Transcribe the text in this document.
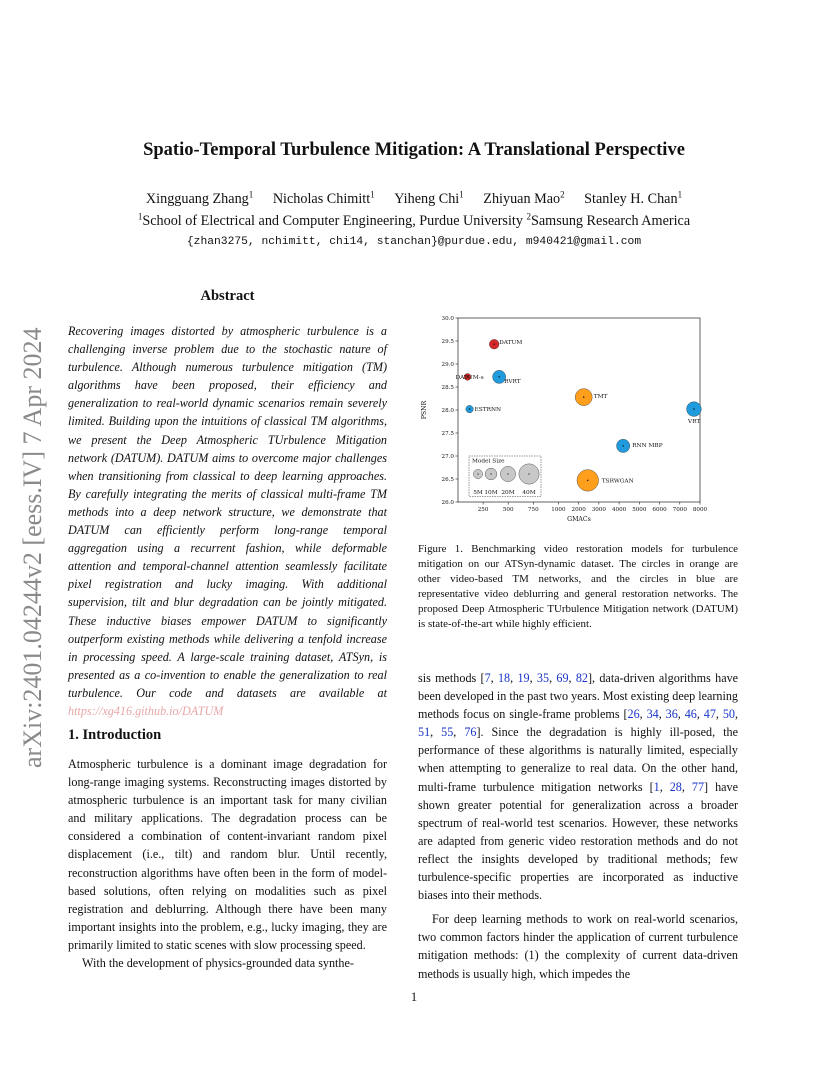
arXiv:2401.04244v2 [eess.IV] 7 Apr 2024
Spatio-Temporal Turbulence Mitigation: A Translational Perspective
Xingguang Zhang$^1$ Nicholas Chimitt$^1$ Yiheng Chi$^1$ Zhiyuan Mao$^2$ Stanley H. Chan$^1$
$^1$School of Electrical and Computer Engineering, Purdue University $^2$Samsung Research America
{zhan3275, nchimitt, chi14, stanchan}@purdue.edu, m940421@gmail.com
Abstract
Recovering images distorted by atmospheric turbulence is a challenging inverse problem due to the stochastic nature of turbulence. Although numerous turbulence mitigation (TM) algorithms have been proposed, their efficiency and generalization to real-world dynamic scenarios remain severely limited. Building upon the intuitions of classical TM algorithms, we present the Deep Atmospheric TUrbulence Mitigation network (DATUM). DATUM aims to overcome major challenges when transitioning from classical to deep learning approaches. By carefully integrating the merits of classical multi-frame TM methods into a deep network structure, we demonstrate that DATUM can efficiently perform long-range temporal aggregation using a recurrent fashion, while deformable attention and temporal-channel attention seamlessly facilitate pixel registration and lucky imaging. With additional supervision, tilt and blur degradation can be jointly mitigated. These inductive biases empower DATUM to significantly outperform existing methods while delivering a tenfold increase in processing speed. A large-scale training dataset, ATSyn, is presented as a co-invention to enable the generalization to real turbulence. Our code and datasets are available at https://xg416.github.io/DATUM
1. Introduction

Atmospheric turbulence is a dominant image degradation for long-range imaging systems. Reconstructing images distorted by atmospheric turbulence is an important task for many civilian and military applications. The degradation process can be considered a combination of content-invariant random pixel displacement (i.e., tilt) and random blur. Until recently, reconstruction algorithms have often been in the form of model-based solutions, often relying on modalities such as pixel registration and deblurring. Although there have been many important insights into the problem, e.g., lucky imaging, they are primarily limited to static scenes with slow processing speed.

With the development of physics-grounded data synthe-

26.0
26.5
27.0
27.5
28.0
28.5
29.0
29.5
30.0
250	500	750 1000 2000 3000 4000 5000 6000 7000 8000
GMACs
PSNR
DATUM
DATUM-s
RVRT
TMT
ESTRNN
VRT
RNN MBP
TSRWGAN
Model Size
5M 10M 20M 40M
Figure 1. Benchmarking video restoration models for turbulence mitigation on our ATSyn-dynamic dataset. The circles in orange are other video-based TM networks, and the circles in blue are representative video deblurring and general restoration networks. The proposed Deep Atmospheric TUrbulence Mitigation network (DATUM) is state-of-the-art while highly efficient.

sis methods [7, 18, 19, 35, 69, 82], data-driven algorithms have been developed in the past two years. Most existing deep learning methods focus on single-frame problems [26, 34, 36, 46, 47, 50, 51, 55, 76]. Since the degradation is highly ill-posed, the performance of these algorithms is naturally limited, especially when attempting to generalize to real data. On the other hand, multi-frame turbulence mitigation networks [1, 28, 77] have shown greater potential for generalization across a broader spectrum of real-world test scenarios. However, these networks are adapted from generic video restoration methods and do not reflect the insights developed by traditional methods; few turbulence-specific properties are incorporated as inductive biases into their methods.

For deep learning methods to work on real-world scenarios, two common factors hinder the application of current turbulence mitigation methods: (1) the complexity of current data-driven methods is usually high, which impedes the

1
